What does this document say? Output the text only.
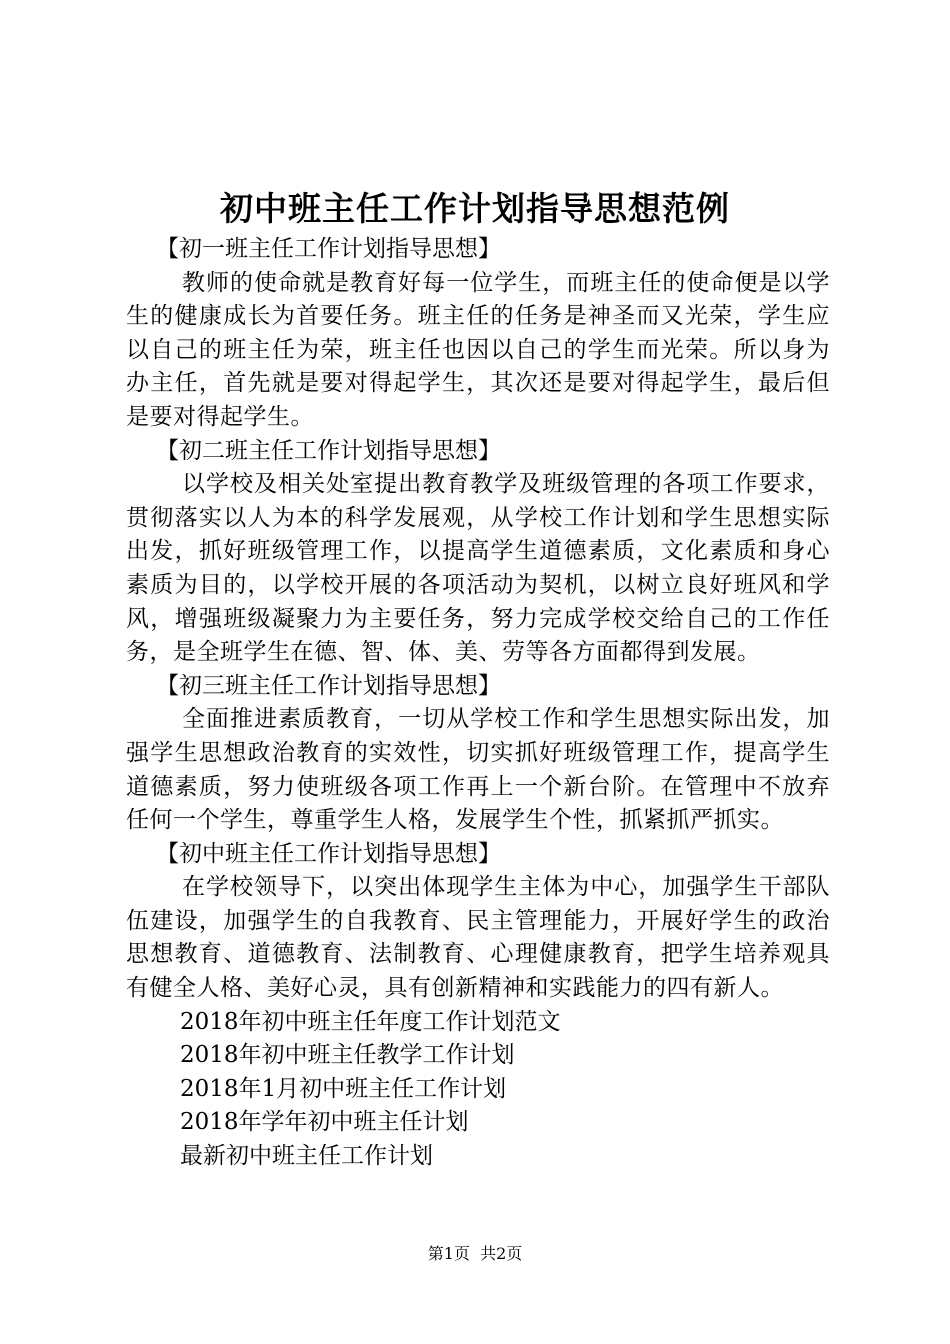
初中班主任工作计划指导思想范例

【初一班主任工作计划指导思想】

教师的使命就是教育好每一位学生，而班主任的使命便是以学生的健康成长为首要任务。班主任的任务是神圣而又光荣，学生应以自己的班主任为荣，班主任也因以自己的学生而光荣。所以身为办主任，首先就是要对得起学生，其次还是要对得起学生，最后但是要对得起学生。

【初二班主任工作计划指导思想】

以学校及相关处室提出教育教学及班级管理的各项工作要求，贯彻落实以人为本的科学发展观，从学校工作计划和学生思想实际出发，抓好班级管理工作，以提高学生道德素质，文化素质和身心素质为目的，以学校开展的各项活动为契机，以树立良好班风和学风，增强班级凝聚力为主要任务，努力完成学校交给自己的工作任务，是全班学生在德、智、体、美、劳等各方面都得到发展。

【初三班主任工作计划指导思想】

全面推进素质教育，一切从学校工作和学生思想实际出发，加强学生思想政治教育的实效性，切实抓好班级管理工作，提高学生道德素质，努力使班级各项工作再上一个新台阶。在管理中不放弃任何一个学生，尊重学生人格，发展学生个性，抓紧抓严抓实。

【初中班主任工作计划指导思想】

在学校领导下，以突出体现学生主体为中心，加强学生干部队伍建设，加强学生的自我教育、民主管理能力，开展好学生的政治思想教育、道德教育、法制教育、心理健康教育，把学生培养观具有健全人格、美好心灵，具有创新精神和实践能力的四有新人。

2018年初中班主任年度工作计划范文

2018年初中班主任教学工作计划

2018年1月初中班主任工作计划

2018年学年初中班主任计划

最新初中班主任工作计划

第1页 共2页
